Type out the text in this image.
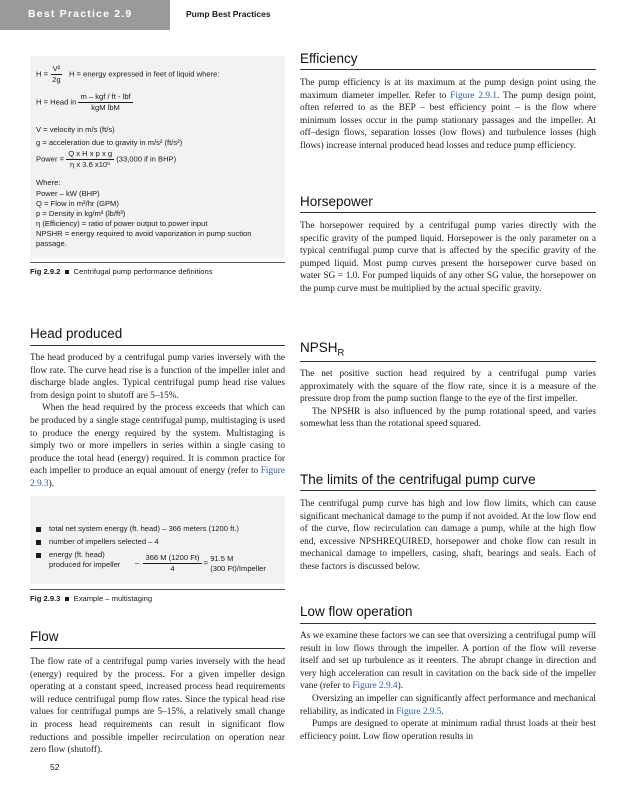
Best Practice 2.9	Pump Best Practices
$H = \frac{\text{V²}}{2g}$ H = energy expressed in feet of liquid where:
H = Head in $\frac{\text{m – kgf / ft - lbf}}{\text{kgM lbM}}$
V = velocity in m/s (ft/s)
g = acceleration due to gravity in m/s² (ft/s²)
Power = $\frac{\text{Q x H x p x g}}{\text{η x 3.6 x10⁶}} (33,000$ if in BHP)
Where:
Power – kW (BHP)
Q = Flow in m³/hr (GPM)
p = Density in kg/m³ (lb/ft³)
η (Efficiency) = ratio of power output to power input
NPSHR = energy required to avoid vaporization in pump suction passage.
Fig 2.9.2 Centrifugal pump performance definitions
Head produced

The head produced by a centrifugal pump varies inversely with the flow rate. The curve head rise is a function of the impeller inlet and discharge blade angles. Typical centrifugal pump head rise values from design point to shutoff are 5–15%.

When the head required by the process exceeds that which can be produced by a single stage centrifugal pump, multistaging is used to produce the energy required by the system. Multistaging is simply two or more impellers in series within a single casing to produce the total head (energy) required. It is common practice for each impeller to produce an equal amount of energy (refer to Figure 2.9.3).

total net system energy (ft. head) – 366 meters (1200 ft.)
number of impellers selected – 4
energy (ft. head)
produced for impeller	– $\frac{366 M (1200 Ft)}{4} = 91.5$ M
(300 Ft)/Impeller
Fig 2.9.3 Example – multistaging
Flow

The flow rate of a centrifugal pump varies inversely with the head (energy) required by the process. For a given impeller design operating at a constant speed, increased process head requirements will reduce centrifugal pump flow rates. Since the typical head rise values for centrifugal pumps are 5–15%, a relatively small change in process head requirements can result in significant flow reductions and possible impeller recirculation on operation near zero flow (shutoff).

Efficiency

The pump efficiency is at its maximum at the pump design point using the maximum diameter impeller. Refer to Figure 2.9.1. The pump design point, often referred to as the BEP – best efficiency point – is the flow where minimum losses occur in the pump stationary passages and the impeller. At off–design flows, separation losses (low flows) and turbulence losses (high flows) increase internal produced head losses and reduce pump efficiency.

Horsepower

The horsepower required by a centrifugal pump varies directly with the specific gravity of the pumped liquid. Horsepower is the only parameter on a typical centrifugal pump curve that is affected by the specific gravity of the pumped liquid. Most pump curves present the horsepower curve based on water SG = 1.0. For pumped liquids of any other SG value, the horsepower on the pump curve must be multiplied by the actual specific gravity.

$NPSH_R$

The net positive suction head required by a centrifugal pump varies approximately with the square of the flow rate, since it is a measure of the pressure drop from the pump suction flange to the eye of the first impeller.

The NPSHR is also influenced by the pump rotational speed, and varies somewhat less than the rotational speed squared.

The limits of the centrifugal pump curve

The centrifugal pump curve has high and low flow limits, which can cause significant mechanical damage to the pump if not avoided. At the low flow end of the curve, flow recirculation can damage a pump, while at the high flow end, excessive NPSHREQUIRED, horsepower and choke flow can result in mechanical damage to impellers, casing, shaft, bearings and seals. Each of these factors is discussed below.

Low flow operation

As we examine these factors we can see that oversizing a centrifugal pump will result in low flows through the impeller. A portion of the flow will reverse itself and set up turbulence as it reenters. The abrupt change in direction and very high acceleration can result in cavitation on the back side of the impeller vane (refer to Figure 2.9.4).

Oversizing an impeller can significantly affect performance and mechanical reliability, as indicated in Figure 2.9.5.

Pumps are designed to operate at minimum radial thrust loads at their best efficiency point. Low flow operation results in

52
